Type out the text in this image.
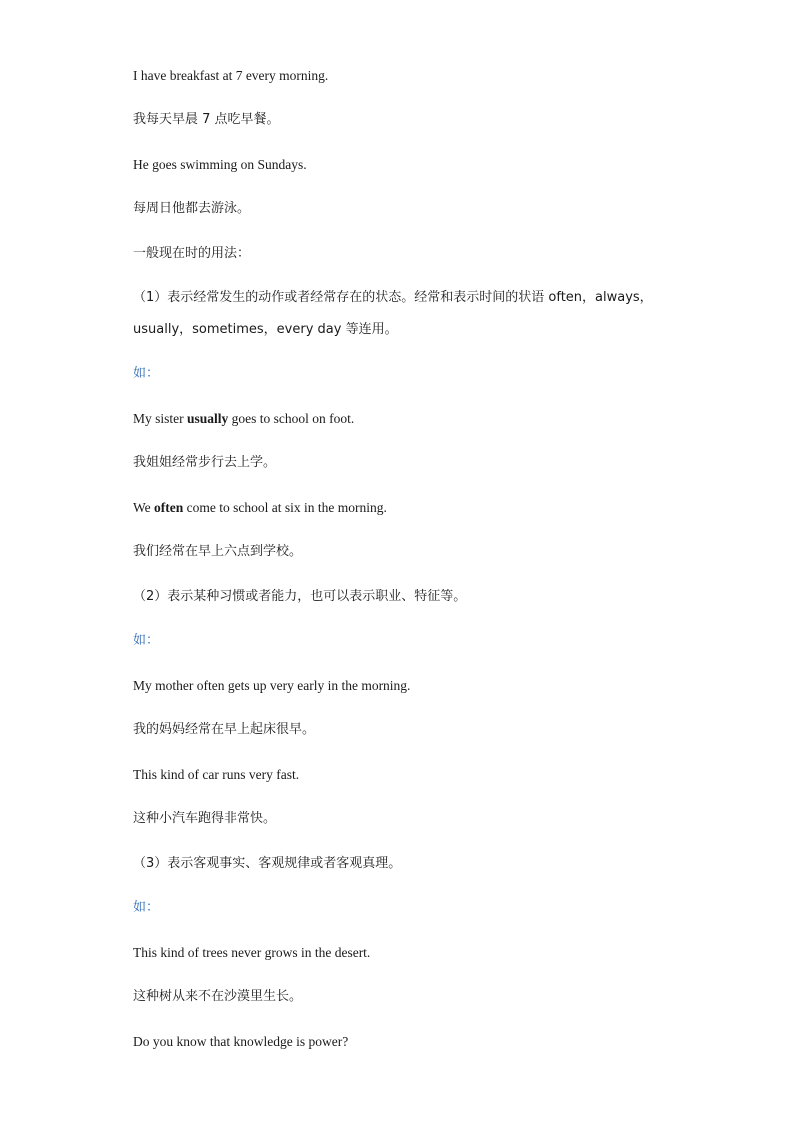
I have breakfast at 7 every morning.

我每天早晨 7 点吃早餐。

He goes swimming on Sundays.

每周日他都去游泳。

一般现在时的用法：

（1）表示经常发生的动作或者经常存在的状态。经常和表示时间的状语 often，always，

usually，sometimes，every day 等连用。

如：

My sister usually goes to school on foot.

我姐姐经常步行去上学。

We often come to school at six in the morning.

我们经常在早上六点到学校。

（2）表示某种习惯或者能力，也可以表示职业、特征等。

如：

My mother often gets up very early in the morning.

我的妈妈经常在早上起床很早。

This kind of car runs very fast.

这种小汽车跑得非常快。

（3）表示客观事实、客观规律或者客观真理。

如：

This kind of trees never grows in the desert.

这种树从来不在沙漠里生长。

Do you know that knowledge is power?
